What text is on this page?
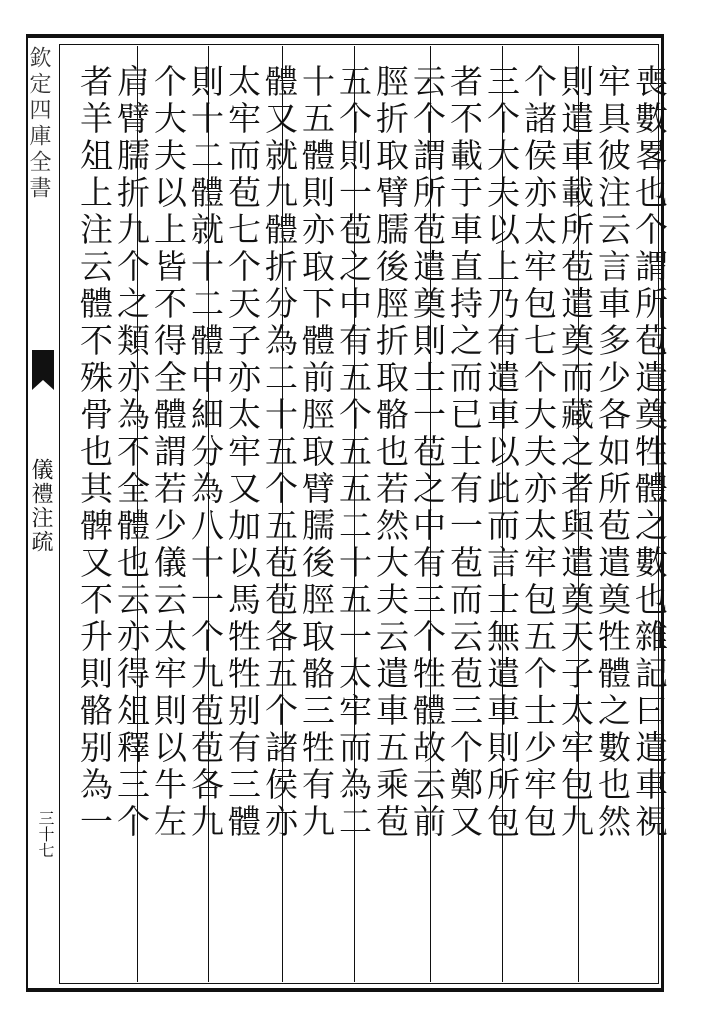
欽定四庫全書
儀禮注疏
三十七	喪數畧也个謂所苞遣奠牲體之數也雜記曰遣車視
牢具彼注云言車多少各如所苞遣奠牲體之數也然
則遣車載所苞遣奠而藏之者與遣奠天子太牢包九
个諸侯亦太牢包七个大夫亦太牢包五个士少牢包
三个大夫以上乃有遣車以此而言士無遣車則所包
者不載于車直持之而已士有一苞而云苞三个鄭又
云个謂所苞遣奠則士一苞之中有三个牲體故云前
脛折取臂臑後脛折取骼也若然大夫云遣車五乘苞
五个則一苞之中有五个五五二十五一太牢而為二
十五體則亦取下體前脛取臂臑後脛取骼三牲有九
體又就九體折分為二十五个五苞苞各五个諸侯亦
太牢而苞七个天子亦太牢又加以馬牲牲别有三體
則十二體就十二體中細分為八十一个九苞苞各九
个大夫以上皆不得全體謂若少儀云太牢則以牛左
肩臂臑折九个之類亦為不全體也云亦得俎釋三个
者羊俎上注云體不殊骨也其髀又不升則骼别為一
